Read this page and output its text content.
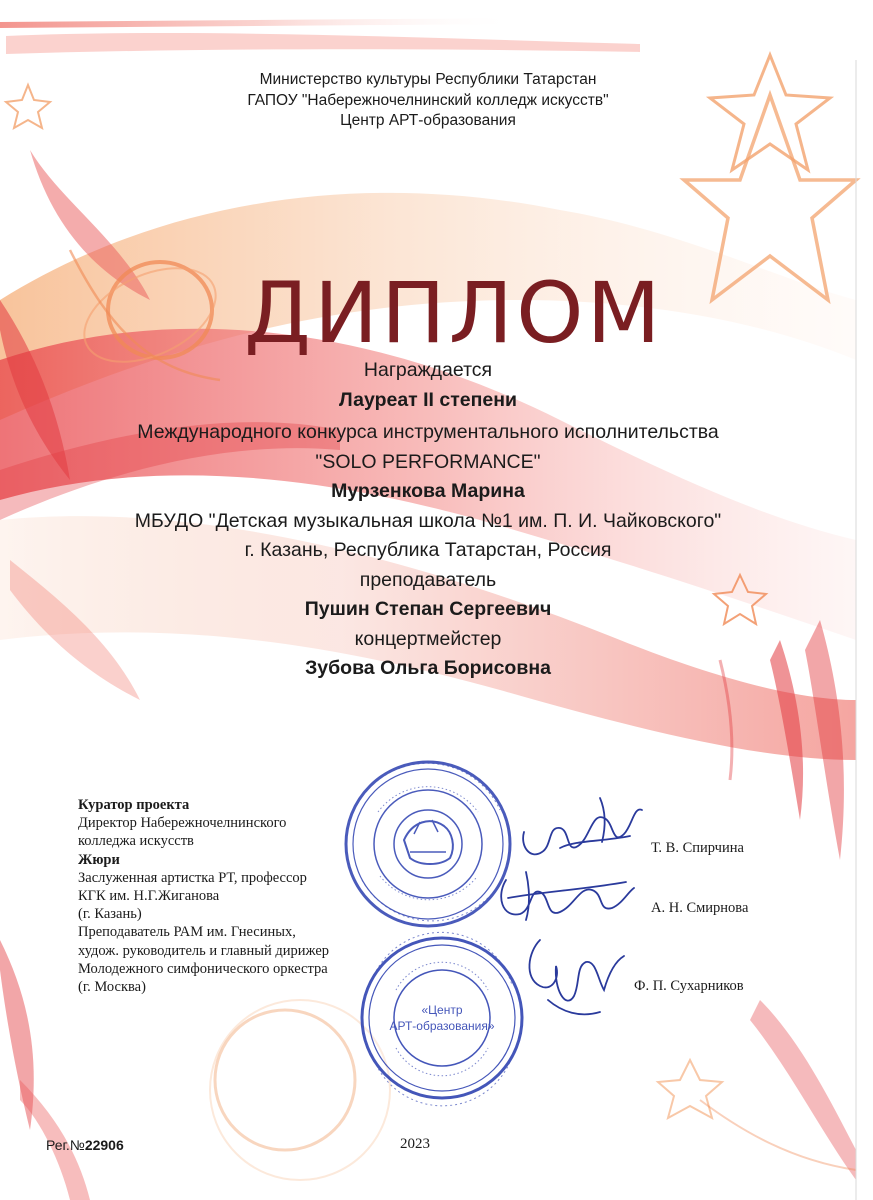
Министерство культуры Республики Татарстан
ГАПОУ "Набережночелнинский колледж искусств"
Центр АРТ-образования
ДИПЛОМ
Награждается
Лауреат II степени
Международного конкурса инструментального исполнительства
"SOLO PERFORMANCE"
Мурзенкова Марина
МБУДО "Детская музыкальная школа №1 им. П. И. Чайковского"
г. Казань, Республика Татарстан, Россия
преподаватель
Пушин Степан Сергеевич
концертмейстер
Зубова Ольга Борисовна
«Центр
АРТ-образования»
Куратор проекта
Директор Набережночелнинского
колледжа искусств
Жюри
Заслуженная артистка РТ, профессор
КГК им. Н.Г.Жиганова
(г. Казань)
Преподаватель РАМ им. Гнесиных,
худож. руководитель и главный дирижер
Молодежного симфонического оркестра
(г. Москва)
Т. В. Спирчина
А. Н. Смирнова
Ф. П. Сухарников
Рег.№22906	2023
